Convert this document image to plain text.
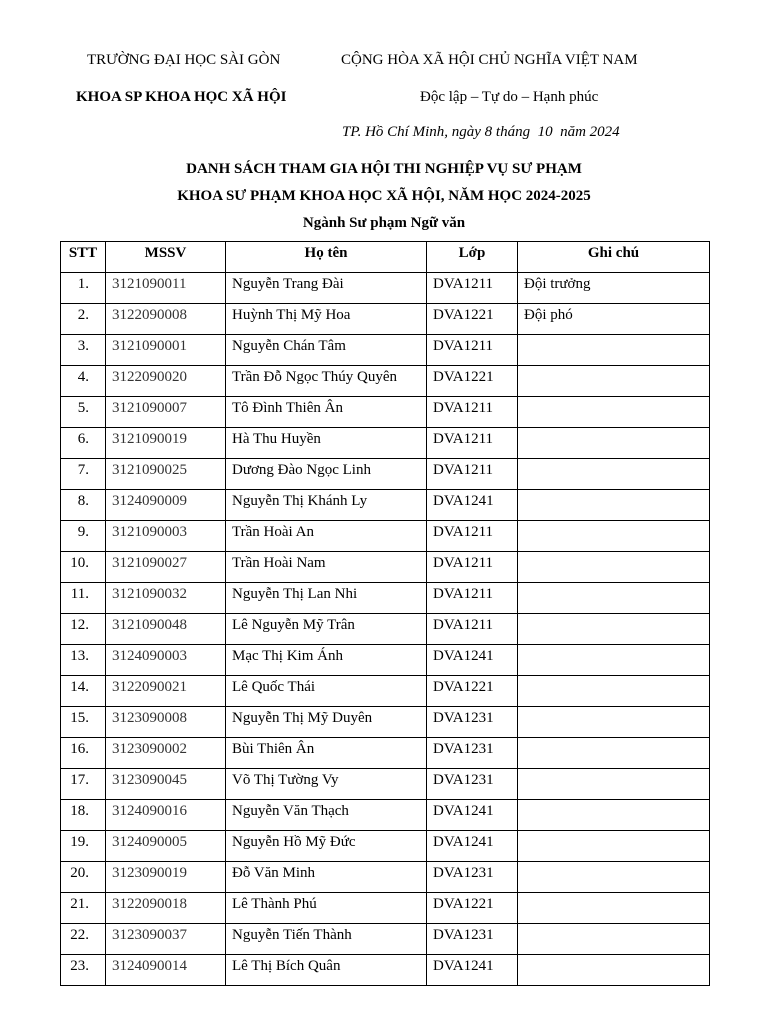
TRƯỜNG ĐẠI HỌC SÀI GÒN	CỘNG HÒA XÃ HỘI CHỦ NGHĨA VIỆT NAM
KHOA SP KHOA HỌC XÃ HỘI	Độc lập – Tự do – Hạnh phúc
TP. Hồ Chí Minh, ngày 8 tháng  10  năm 2024
DANH SÁCH THAM GIA HỘI THI NGHIỆP VỤ SƯ PHẠM
KHOA SƯ PHẠM KHOA HỌC XÃ HỘI, NĂM HỌC 2024-2025
Ngành Sư phạm Ngữ văn
STT	MSSV	Họ tên	Lớp	Ghi chú
1.	3121090011	Nguyễn Trang Đài	DVA1211	Đội trưởng
2.	3122090008	Huỳnh Thị Mỹ Hoa	DVA1221	Đội phó
3.	3121090001	Nguyễn Chán Tâm	DVA1211	
4.	3122090020	Trần Đỗ Ngọc Thúy Quyên	DVA1221	
5.	3121090007	Tô Đình Thiên Ân	DVA1211	
6.	3121090019	Hà Thu Huyền	DVA1211	
7.	3121090025	Dương Đào Ngọc Linh	DVA1211	
8.	3124090009	Nguyễn Thị Khánh Ly	DVA1241	
9.	3121090003	Trần Hoài An	DVA1211	
10.	3121090027	Trần Hoài Nam	DVA1211	
11.	3121090032	Nguyễn Thị Lan Nhi	DVA1211	
12.	3121090048	Lê Nguyễn Mỹ Trân	DVA1211	
13.	3124090003	Mạc Thị Kim Ánh	DVA1241	
14.	3122090021	Lê Quốc Thái	DVA1221	
15.	3123090008	Nguyễn Thị Mỹ Duyên	DVA1231	
16.	3123090002	Bùi Thiên Ân	DVA1231	
17.	3123090045	Võ Thị Tường Vy	DVA1231	
18.	3124090016	Nguyễn Văn Thạch	DVA1241	
19.	3124090005	Nguyễn Hồ Mỹ Đức	DVA1241	
20.	3123090019	Đỗ Văn Minh	DVA1231	
21.	3122090018	Lê Thành Phú	DVA1221	
22.	3123090037	Nguyễn Tiến Thành	DVA1231	
23.	3124090014	Lê Thị Bích Quân	DVA1241	
